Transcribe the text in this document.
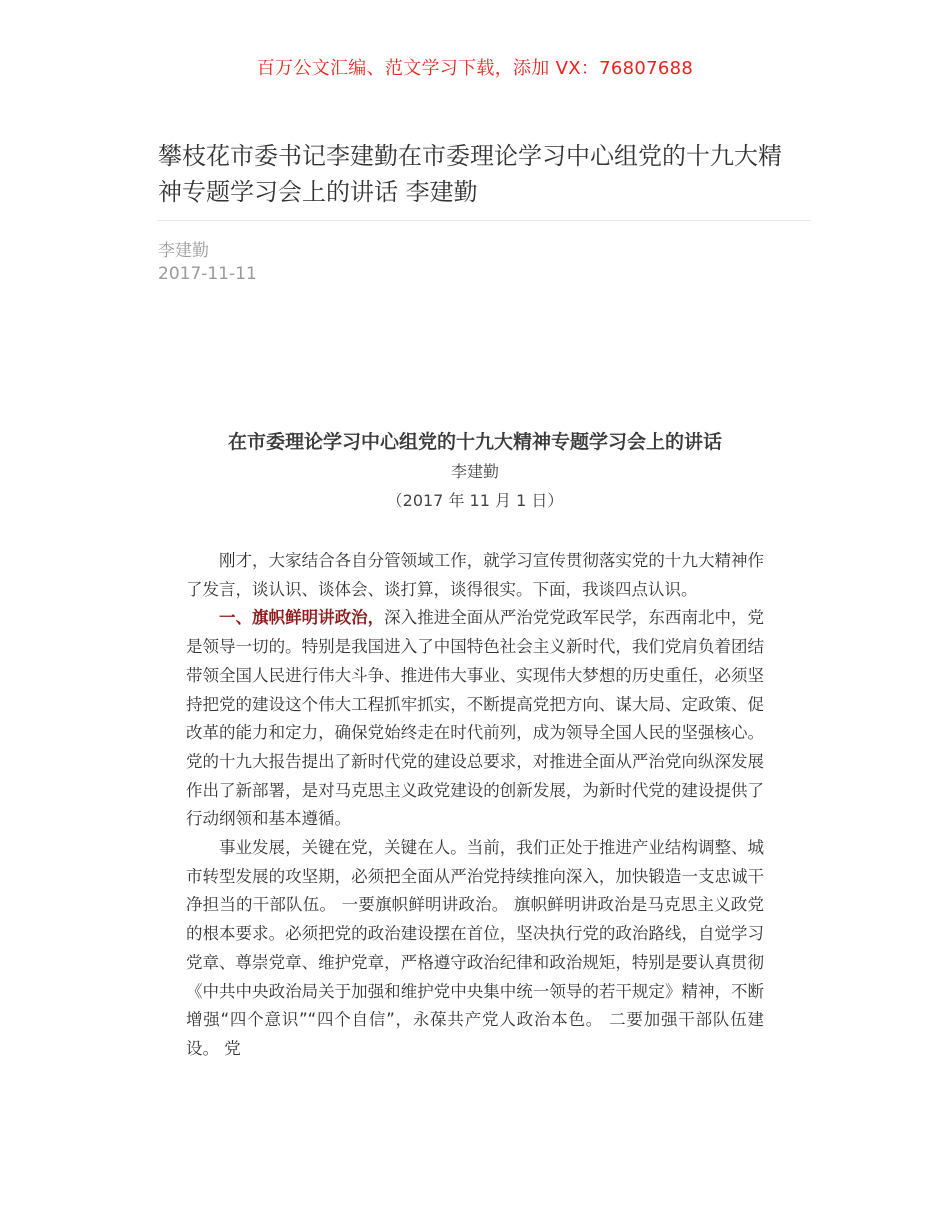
百万公文汇编、范文学习下载，添加 VX：76807688
攀枝花市委书记李建勤在市委理论学习中心组党的十九大精神专题学习会上的讲话 李建勤
李建勤
2017-11-11
在市委理论学习中心组党的十九大精神专题学习会上的讲话
李建勤
（2017 年 11 月 1 日）

刚才，大家结合各自分管领域工作，就学习宣传贯彻落实党的十九大精神作了发言，谈认识、谈体会、谈打算，谈得很实。下面，我谈四点认识。

一、旗帜鲜明讲政治，深入推进全面从严治党党政军民学，东西南北中，党是领导一切的。特别是我国进入了中国特色社会主义新时代，我们党肩负着团结带领全国人民进行伟大斗争、推进伟大事业、实现伟大梦想的历史重任，必须坚持把党的建设这个伟大工程抓牢抓实，不断提高党把方向、谋大局、定政策、促改革的能力和定力，确保党始终走在时代前列，成为领导全国人民的坚强核心。党的十九大报告提出了新时代党的建设总要求，对推进全面从严治党向纵深发展作出了新部署，是对马克思主义政党建设的创新发展，为新时代党的建设提供了行动纲领和基本遵循。

事业发展，关键在党，关键在人。当前，我们正处于推进产业结构调整、城市转型发展的攻坚期，必须把全面从严治党持续推向深入，加快锻造一支忠诚干净担当的干部队伍。 一要旗帜鲜明讲政治。 旗帜鲜明讲政治是马克思主义政党的根本要求。必须把党的政治建设摆在首位，坚决执行党的政治路线，自觉学习党章、尊崇党章、维护党章，严格遵守政治纪律和政治规矩，特别是要认真贯彻《中共中央政治局关于加强和维护党中央集中统一领导的若干规定》精神，不断增强“四个意识”“四个自信”，永葆共产党人政治本色。 二要加强干部队伍建设。 党
